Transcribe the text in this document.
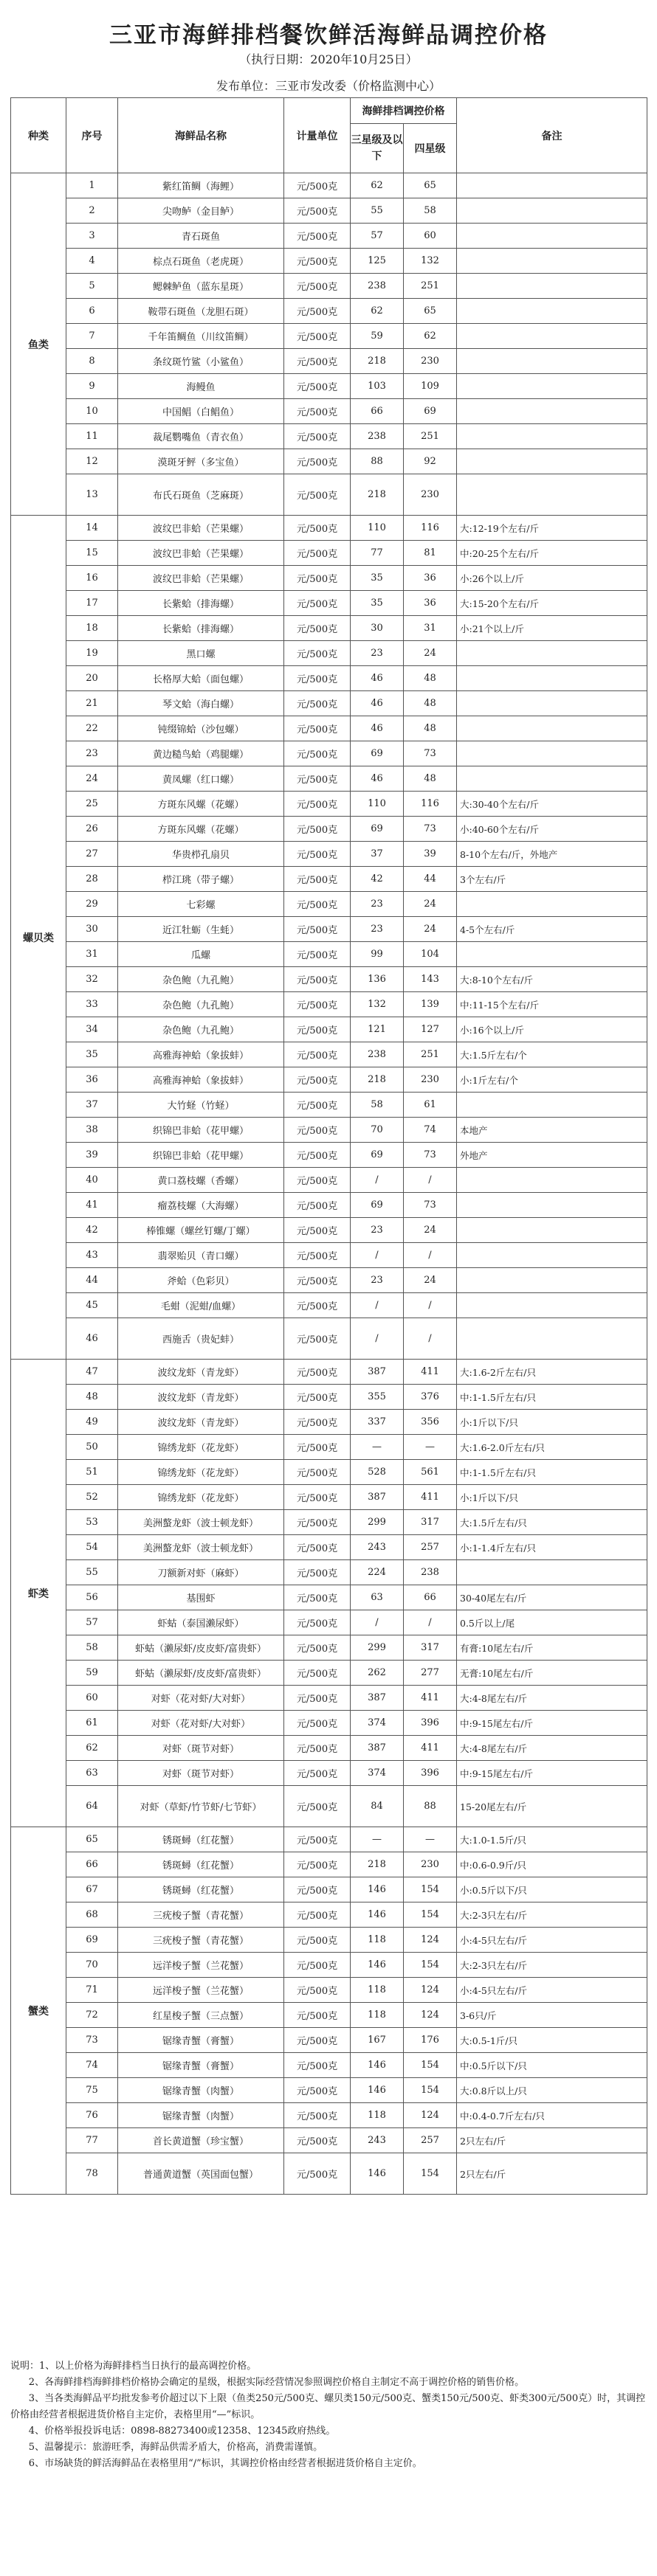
三亚市海鲜排档餐饮鲜活海鲜品调控价格
（执行日期：2020年10月25日）
发布单位：三亚市发改委（价格监测中心）
种类	序号	海鲜品名称	计量单位	海鲜排档调控价格		备注
				三星级及以下	四星级	
鱼类	1	紫红笛鲷（海鲤）	元/500克	62	65	
	2	尖吻鲈（金目鲈）	元/500克	55	58	
	3	青石斑鱼	元/500克	57	60	
	4	棕点石斑鱼（老虎斑）	元/500克	125	132	
	5	鳃棘鲈鱼（蓝东星斑）	元/500克	238	251	
	6	鞍带石斑鱼（龙胆石斑）	元/500克	62	65	
	7	千年笛鲷鱼（川纹笛鲷）	元/500克	59	62	
	8	条纹斑竹鲨（小鲨鱼）	元/500克	218	230	
	9	海鳗鱼	元/500克	103	109	
	10	中国鲳（白鲳鱼）	元/500克	66	69	
	11	裁尾鹦嘴鱼（青衣鱼）	元/500克	238	251	
	12	漠斑牙鲆（多宝鱼）	元/500克	88	92	
	13	布氏石斑鱼（芝麻斑）	元/500克	218	230	
螺贝类	14	波纹巴非蛤（芒果螺）	元/500克	110	116	大:12-19个左右/斤
	15	波纹巴非蛤（芒果螺）	元/500克	77	81	中:20-25个左右/斤
	16	波纹巴非蛤（芒果螺）	元/500克	35	36	小:26个以上/斤
	17	长紫蛤（排海螺）	元/500克	35	36	大:15-20个左右/斤
	18	长紫蛤（排海螺）	元/500克	30	31	小:21个以上/斤
	19	黑口螺	元/500克	23	24	
	20	长格厚大蛤（面包螺）	元/500克	46	48	
	21	琴文蛤（海白螺）	元/500克	46	48	
	22	钝缀锦蛤（沙包螺）	元/500克	46	48	
	23	黄边糙鸟蛤（鸡腿螺）	元/500克	69	73	
	24	黄凤螺（红口螺）	元/500克	46	48	
	25	方斑东风螺（花螺）	元/500克	110	116	大:30-40个左右/斤
	26	方斑东风螺（花螺）	元/500克	69	73	小:40-60个左右/斤
	27	华贵栉孔扇贝	元/500克	37	39	8-10个左右/斤，外地产
	28	栉江珧（带子螺）	元/500克	42	44	3个左右/斤
	29	七彩螺	元/500克	23	24	
	30	近江牡蛎（生蚝）	元/500克	23	24	4-5个左右/斤
	31	瓜螺	元/500克	99	104	
	32	杂色鲍（九孔鲍）	元/500克	136	143	大:8-10个左右/斤
	33	杂色鲍（九孔鲍）	元/500克	132	139	中:11-15个左右/斤
	34	杂色鲍（九孔鲍）	元/500克	121	127	小:16个以上/斤
	35	高雅海神蛤（象拔蚌）	元/500克	238	251	大:1.5斤左右/个
	36	高雅海神蛤（象拔蚌）	元/500克	218	230	小:1斤左右/个
	37	大竹蛏（竹蛏）	元/500克	58	61	
	38	织锦巴非蛤（花甲螺）	元/500克	70	74	本地产
	39	织锦巴非蛤（花甲螺）	元/500克	69	73	外地产
	40	黄口荔枝螺（香螺）	元/500克	/	/	
	41	瘤荔枝螺（大海螺）	元/500克	69	73	
	42	棒锥螺（螺丝钉螺/丁螺）	元/500克	23	24	
	43	翡翠贻贝（青口螺）	元/500克	/	/	
	44	斧蛤（色彩贝）	元/500克	23	24	
	45	毛蚶（泥蚶/血螺）	元/500克	/	/	
	46	西施舌（贵妃蚌）	元/500克	/	/	
虾类	47	波纹龙虾（青龙虾）	元/500克	387	411	大:1.6-2斤左右/只
	48	波纹龙虾（青龙虾）	元/500克	355	376	中:1-1.5斤左右/只
	49	波纹龙虾（青龙虾）	元/500克	337	356	小:1斤以下/只
	50	锦绣龙虾（花龙虾）	元/500克	—	—	大:1.6-2.0斤左右/只
	51	锦绣龙虾（花龙虾）	元/500克	528	561	中:1-1.5斤左右/只
	52	锦绣龙虾（花龙虾）	元/500克	387	411	小:1斤以下/只
	53	美洲螯龙虾（波士顿龙虾）	元/500克	299	317	大:1.5斤左右/只
	54	美洲螯龙虾（波士顿龙虾）	元/500克	243	257	小:1-1.4斤左右/只
	55	刀额新对虾（麻虾）	元/500克	224	238	
	56	基围虾	元/500克	63	66	30-40尾左右/斤
	57	虾蛄（泰国濑尿虾）	元/500克	/	/	0.5斤以上/尾
	58	虾蛄（濑尿虾/皮皮虾/富贵虾）	元/500克	299	317	有膏:10尾左右/斤
	59	虾蛄（濑尿虾/皮皮虾/富贵虾）	元/500克	262	277	无膏:10尾左右/斤
	60	对虾（花对虾/大对虾）	元/500克	387	411	大:4-8尾左右/斤
	61	对虾（花对虾/大对虾）	元/500克	374	396	中:9-15尾左右/斤
	62	对虾（斑节对虾）	元/500克	387	411	大:4-8尾左右/斤
	63	对虾（斑节对虾）	元/500克	374	396	中:9-15尾左右/斤
	64	对虾（草虾/竹节虾/七节虾）	元/500克	84	88	15-20尾左右/斤
蟹类	65	锈斑蟳（红花蟹）	元/500克	—	—	大:1.0-1.5斤/只
	66	锈斑蟳（红花蟹）	元/500克	218	230	中:0.6-0.9斤/只
	67	锈斑蟳（红花蟹）	元/500克	146	154	小:0.5斤以下/只
	68	三疣梭子蟹（青花蟹）	元/500克	146	154	大:2-3只左右/斤
	69	三疣梭子蟹（青花蟹）	元/500克	118	124	小:4-5只左右/斤
	70	远洋梭子蟹（兰花蟹）	元/500克	146	154	大:2-3只左右/斤
	71	远洋梭子蟹（兰花蟹）	元/500克	118	124	小:4-5只左右/斤
	72	红星梭子蟹（三点蟹）	元/500克	118	124	3-6只/斤
	73	锯缘青蟹（膏蟹）	元/500克	167	176	大:0.5-1斤/只
	74	锯缘青蟹（膏蟹）	元/500克	146	154	中:0.5斤以下/只
	75	锯缘青蟹（肉蟹）	元/500克	146	154	大:0.8斤以上/只
	76	锯缘青蟹（肉蟹）	元/500克	118	124	中:0.4-0.7斤左右/只
	77	首长黄道蟹（珍宝蟹）	元/500克	243	257	2只左右/斤
	78	普通黄道蟹（英国面包蟹）	元/500克	146	154	2只左右/斤
说明：1、以上价格为海鲜排档当日执行的最高调控价格。
2、各海鲜排档海鲜排档价格协会确定的星级，根据实际经营情况参照调控价格自主制定不高于调控价格的销售价格。
3、当各类海鲜品平均批发参考价超过以下上限（鱼类250元/500克、螺贝类150元/500克、蟹类150元/500克、虾类300元/500克）时，其调控价格由经营者根据进货价格自主定价，表格里用“—”标识。
4、价格举报投诉电话：0898-88273400或12358、12345政府热线。
5、温馨提示：旅游旺季，海鲜品供需矛盾大，价格高，消费需谨慎。
6、市场缺货的鲜活海鲜品在表格里用“/”标识，其调控价格由经营者根据进货价格自主定价。
